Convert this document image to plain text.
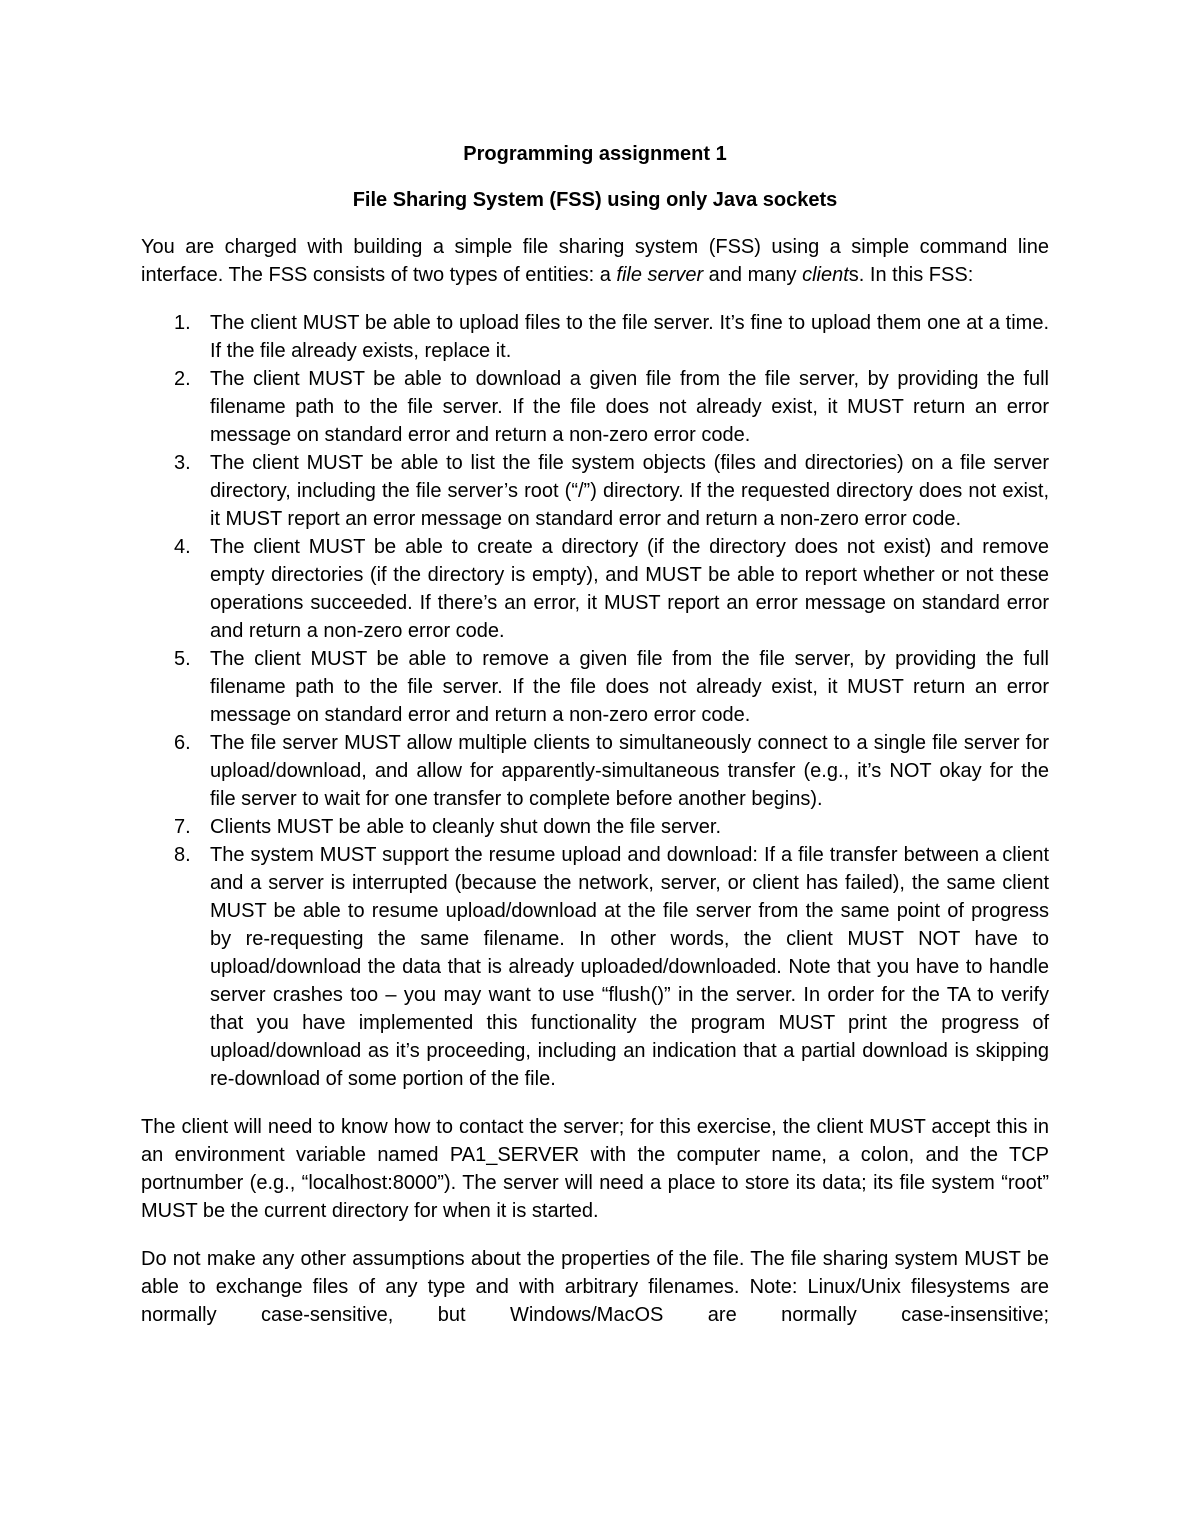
Programming assignment 1
File Sharing System (FSS) using only Java sockets

You are charged with building a simple file sharing system (FSS) using a simple command line interface. The FSS consists of two types of entities: a file server and many clients. In this FSS:

1. The client MUST be able to upload files to the file server. It’s fine to upload them one at a time. If the file already exists, replace it.
2. The client MUST be able to download a given file from the file server, by providing the full filename path to the file server. If the file does not already exist, it MUST return an error message on standard error and return a non-zero error code.
3. The client MUST be able to list the file system objects (files and directories) on a file server directory, including the file server’s root (“/”) directory. If the requested directory does not exist, it MUST report an error message on standard error and return a non-zero error code.
4. The client MUST be able to create a directory (if the directory does not exist) and remove empty directories (if the directory is empty), and MUST be able to report whether or not these operations succeeded. If there’s an error, it MUST report an error message on standard error and return a non-zero error code.
5. The client MUST be able to remove a given file from the file server, by providing the full filename path to the file server. If the file does not already exist, it MUST return an error message on standard error and return a non-zero error code.
6. The file server MUST allow multiple clients to simultaneously connect to a single file server for upload/download, and allow for apparently-simultaneous transfer (e.g., it’s NOT okay for the file server to wait for one transfer to complete before another begins).
7. Clients MUST be able to cleanly shut down the file server.
8. The system MUST support the resume upload and download: If a file transfer between a client and a server is interrupted (because the network, server, or client has failed), the same client MUST be able to resume upload/download at the file server from the same point of progress by re-requesting the same filename. In other words, the client MUST NOT have to upload/download the data that is already uploaded/downloaded. Note that you have to handle server crashes too – you may want to use “flush()” in the server. In order for the TA to verify that you have implemented this functionality the program MUST print the progress of upload/download as it’s proceeding, including an indication that a partial download is skipping re-download of some portion of the file.

The client will need to know how to contact the server; for this exercise, the client MUST accept this in an environment variable named PA1_SERVER with the computer name, a colon, and the TCP portnumber (e.g., “localhost:8000”). The server will need a place to store its data; its file system “root” MUST be the current directory for when it is started.

Do not make any other assumptions about the properties of the file. The file sharing system MUST be able to exchange files of any type and with arbitrary filenames. Note: Linux/Unix filesystems are normally case-sensitive, but Windows/MacOS are normally case-insensitive;
